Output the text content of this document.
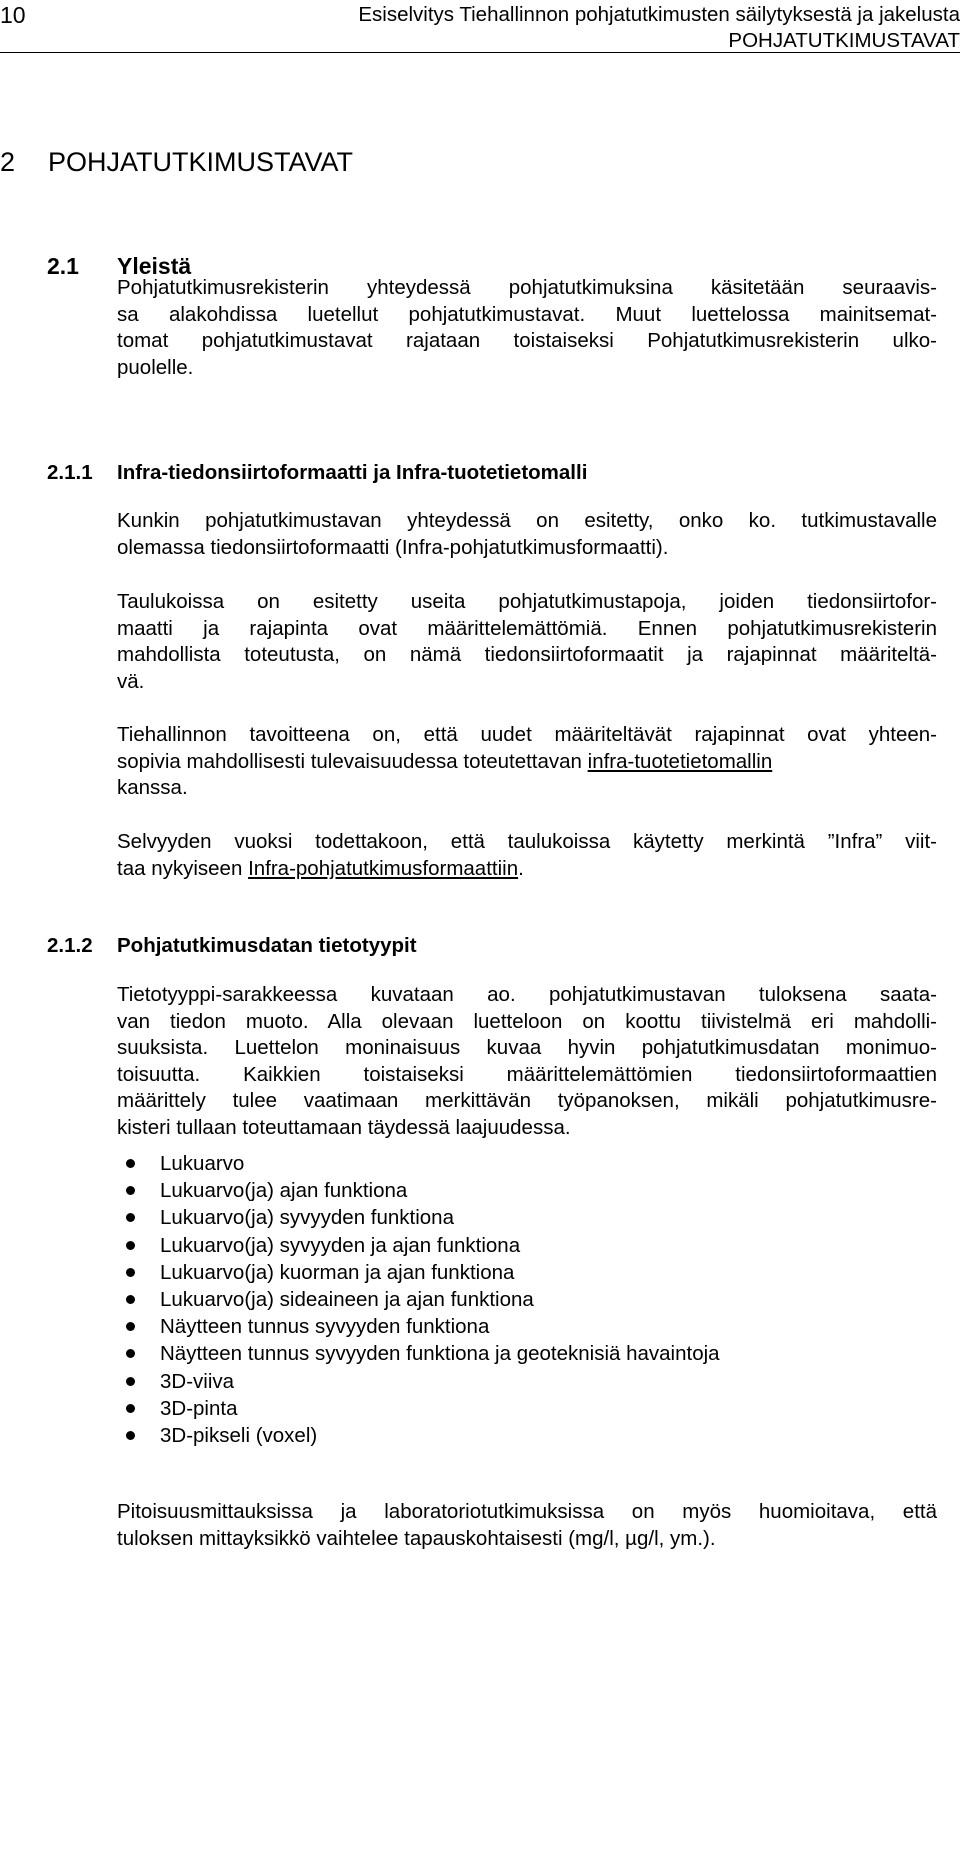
10	Esiselvitys Tiehallinnon pohjatutkimusten säilytyksestä ja jakelusta
POHJATUTKIMUSTAVAT
2 POHJATUTKIMUSTAVAT
2.1 Yleistä
Pohjatutkimusrekisterin yhteydessä pohjatutkimuksina käsitetään seuraavis-
sa alakohdissa luetellut pohjatutkimustavat. Muut luettelossa mainitsemat-
tomat pohjatutkimustavat rajataan toistaiseksi Pohjatutkimusrekisterin ulko-
puolelle.
2.1.1 Infra-tiedonsiirtoformaatti ja Infra-tuotetietomalli
Kunkin pohjatutkimustavan yhteydessä on esitetty, onko ko. tutkimustavalle
olemassa tiedonsiirtoformaatti (Infra-pohjatutkimusformaatti).
Taulukoissa on esitetty useita pohjatutkimustapoja, joiden tiedonsiirtofor-
maatti ja rajapinta ovat määrittelemättömiä. Ennen pohjatutkimusrekisterin
mahdollista toteutusta, on nämä tiedonsiirtoformaatit ja rajapinnat määriteltä-
vä.
Tiehallinnon tavoitteena on, että uudet määriteltävät rajapinnat ovat yhteen-
sopivia mahdollisesti tulevaisuudessa toteutettavan infra-tuotetietomallin
kanssa.
Selvyyden vuoksi todettakoon, että taulukoissa käytetty merkintä ”Infra” viit-
taa nykyiseen Infra-pohjatutkimusformaattiin.
2.1.2 Pohjatutkimusdatan tietotyypit
Tietotyyppi-sarakkeessa kuvataan ao. pohjatutkimustavan tuloksena saata-
van tiedon muoto. Alla olevaan luetteloon on koottu tiivistelmä eri mahdolli-
suuksista. Luettelon moninaisuus kuvaa hyvin pohjatutkimusdatan monimuo-
toisuutta. Kaikkien toistaiseksi määrittelemättömien tiedonsiirtoformaattien
määrittely tulee vaatimaan merkittävän työpanoksen, mikäli pohjatutkimusre-
kisteri tullaan toteuttamaan täydessä laajuudessa.
Lukuarvo
Lukuarvo(ja) ajan funktiona
Lukuarvo(ja) syvyyden funktiona
Lukuarvo(ja) syvyyden ja ajan funktiona
Lukuarvo(ja) kuorman ja ajan funktiona
Lukuarvo(ja) sideaineen ja ajan funktiona
Näytteen tunnus syvyyden funktiona
Näytteen tunnus syvyyden funktiona ja geoteknisiä havaintoja
3D-viiva
3D-pinta
3D-pikseli (voxel)
Pitoisuusmittauksissa ja laboratoriotutkimuksissa on myös huomioitava, että
tuloksen mittayksikkö vaihtelee tapauskohtaisesti (mg/l, µg/l, ym.).
